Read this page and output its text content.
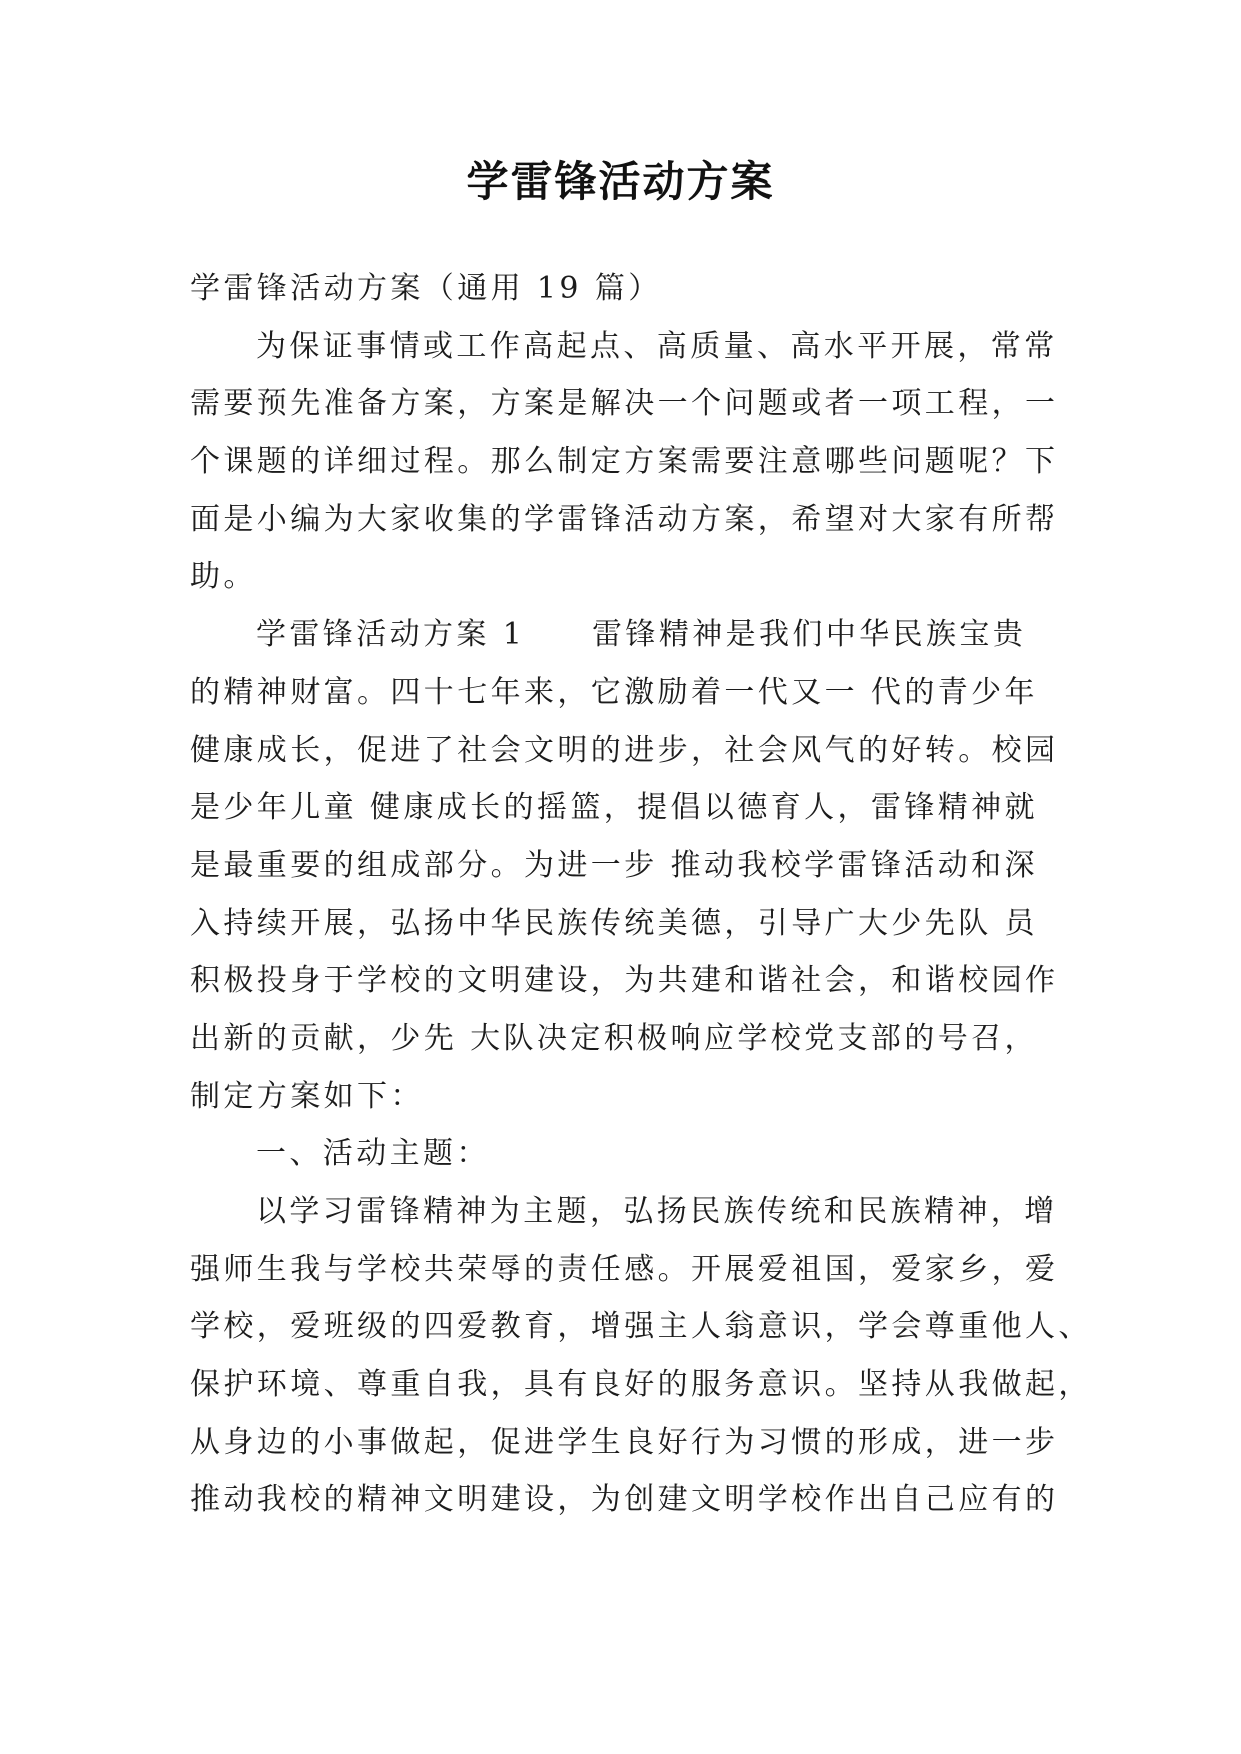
学雷锋活动方案
学雷锋活动方案（通用 19 篇）
为保证事情或工作高起点、高质量、高水平开展，常常
需要预先准备方案，方案是解决一个问题或者一项工程，一
个课题的详细过程。那么制定方案需要注意哪些问题呢？下
面是小编为大家收集的学雷锋活动方案，希望对大家有所帮
助。
学雷锋活动方案 1　　雷锋精神是我们中华民族宝贵
的精神财富。四十七年来，它激励着一代又一 代的青少年
健康成长，促进了社会文明的进步，社会风气的好转。校园
是少年儿童 健康成长的摇篮，提倡以德育人，雷锋精神就
是最重要的组成部分。为进一步 推动我校学雷锋活动和深
入持续开展，弘扬中华民族传统美德，引导广大少先队 员
积极投身于学校的文明建设，为共建和谐社会，和谐校园作
出新的贡献，少先 大队决定积极响应学校党支部的号召，
制定方案如下：
一、活动主题：
以学习雷锋精神为主题，弘扬民族传统和民族精神，增
强师生我与学校共荣辱的责任感。开展爱祖国，爱家乡，爱
学校，爱班级的四爱教育，增强主人翁意识，学会尊重他人、
保护环境、尊重自我，具有良好的服务意识。坚持从我做起，
从身边的小事做起，促进学生良好行为习惯的形成，进一步
推动我校的精神文明建设，为创建文明学校作出自己应有的
